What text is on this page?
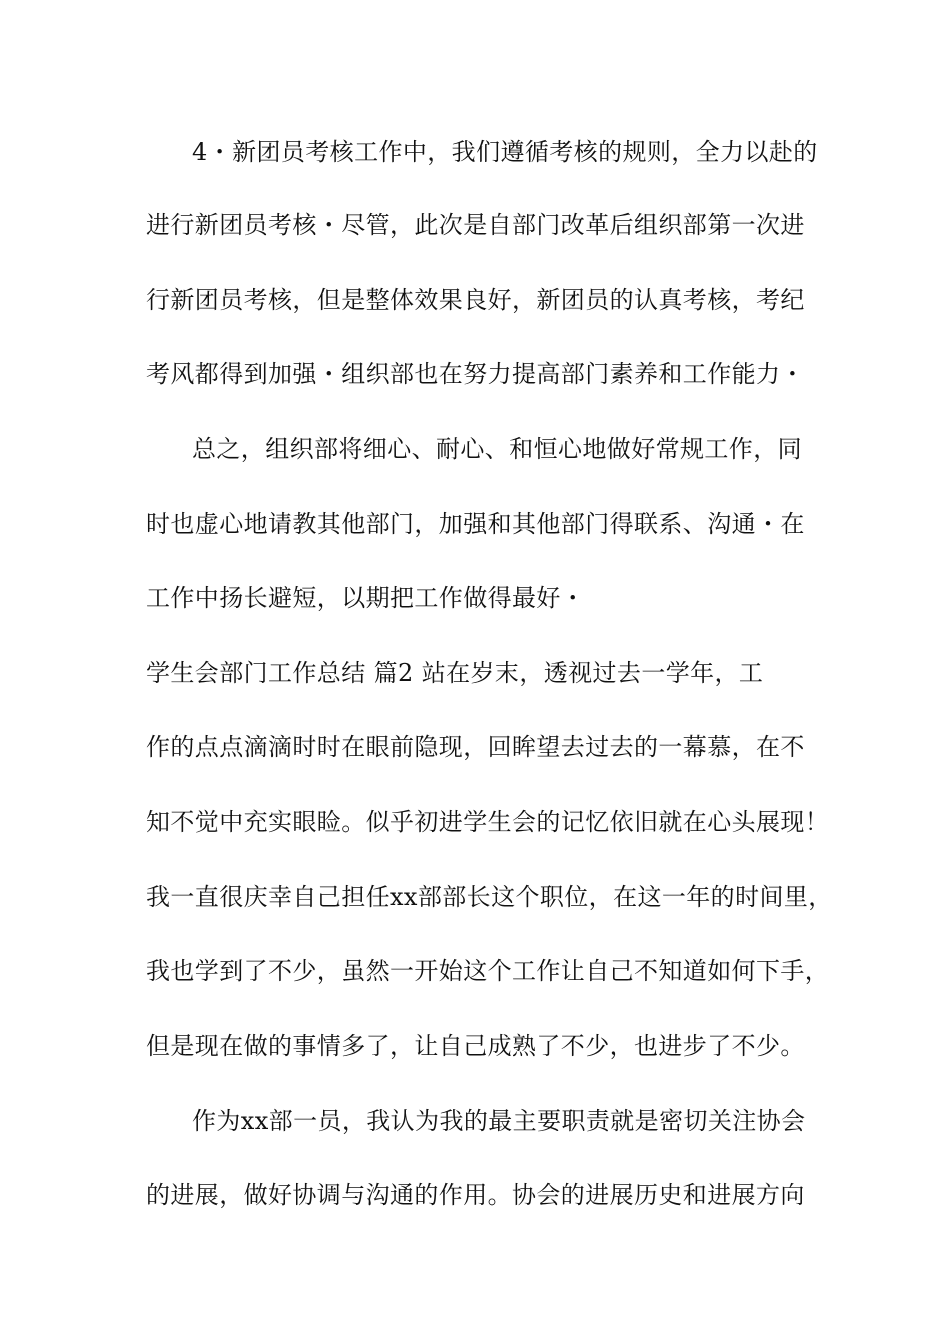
4・新团员考核工作中，我们遵循考核的规则，全力以赴的
进行新团员考核・尽管，此次是自部门改革后组织部第一次进
行新团员考核，但是整体效果良好，新团员的认真考核，考纪
考风都得到加强・组织部也在努力提高部门素养和工作能力・
总之，组织部将细心、耐心、和恒心地做好常规工作，同
时也虚心地请教其他部门，加强和其他部门得联系、沟通・在
工作中扬长避短，以期把工作做得最好・
学生会部门工作总结 篇2 站在岁末，透视过去一学年，工
作的点点滴滴时时在眼前隐现，回眸望去过去的一幕慕，在不
知不觉中充实眼睑。似乎初进学生会的记忆依旧就在心头展现！
我一直很庆幸自己担任xx部部长这个职位，在这一年的时间里，
我也学到了不少，虽然一开始这个工作让自己不知道如何下手，
但是现在做的事情多了，让自己成熟了不少，也进步了不少。
作为xx部一员，我认为我的最主要职责就是密切关注协会
的进展，做好协调与沟通的作用。协会的进展历史和进展方向
